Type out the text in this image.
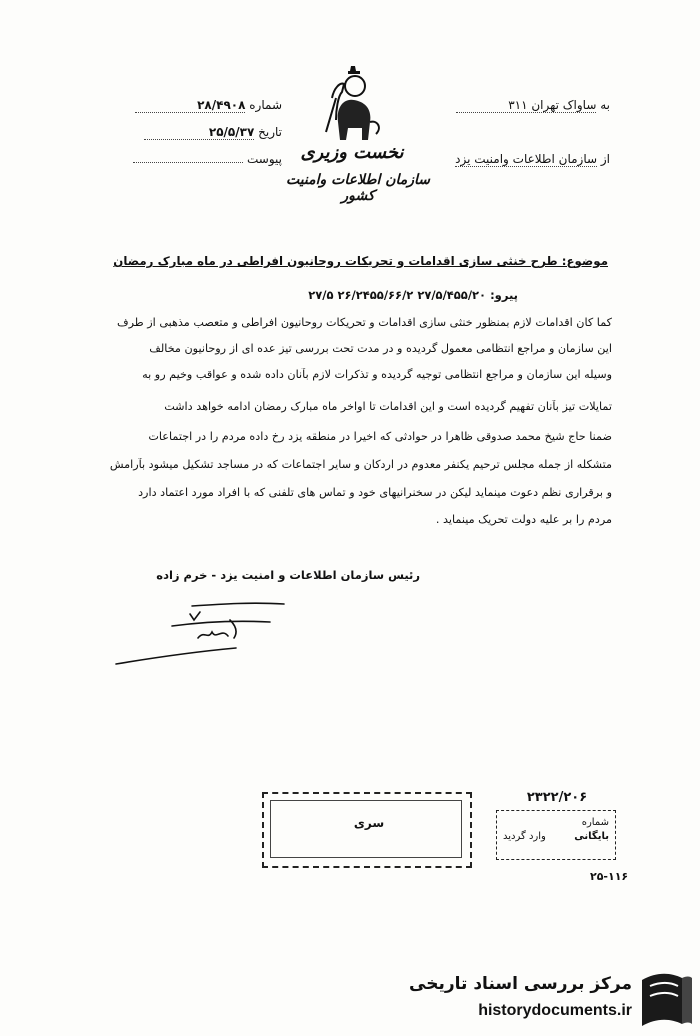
نخست وزیری
سازمان اطلاعات وامنیت کشور
شماره ۲۸/۴۹۰۸
تاریخ ۲۵/۵/۳۷
پیوست
به ساواک تهران ۳۱۱
از سازمان اطلاعات وامنیت یزد
موضوع: طرح خنثی سازی اقدامات و تحریکات روحانیون افراطی در ماه مبارک رمضان
پیرو: ۲۷/۵/۴۵۵/۲۰ ۲۶/۲۴۵۵/۶۶/۲ ۲۷/۵
کما کان اقدامات لازم بمنظور خنثی سازی اقدامات و تحریکات روحانیون افراطی و متعصب مذهبی از طرف
این سازمان و مراجع انتظامی معمول گردیده و در مدت تحت بررسی تیز عده ای از روحانیون مخالف
وسیله این سازمان و مراجع انتظامی توجیه گردیده و تذکرات لازم بآنان داده شده و عواقب وخیم رو به
تمایلات تیز بآنان تفهیم گردیده است و این اقدامات تا اواخر ماه مبارک رمضان ادامه خواهد داشت
ضمنا حاج شیخ محمد صدوقی ظاهرا در حوادثی که اخیرا در منطقه یزد رخ داده مردم را در اجتماعات
متشکله از جمله مجلس ترحیم یکنفر معدوم در اردکان و سایر اجتماعات که در مساجد تشکیل میشود بآرامش
و برقراری نظم دعوت مینماید لیکن در سخنرانیهای خود و تماس های تلفنی که با افراد مورد اعتماد دارد
مردم را بر علیه دولت تحریک مینماید .
رئیس سازمان اطلاعات و امنیت یزد - خرم زاده
سری
۲۳۲۲/۲۰۶
شماره
بایگانی
وارد گردید
۲۵-۱۱۶
مرکز بررسی اسناد تاریخی
historydocuments.ir
